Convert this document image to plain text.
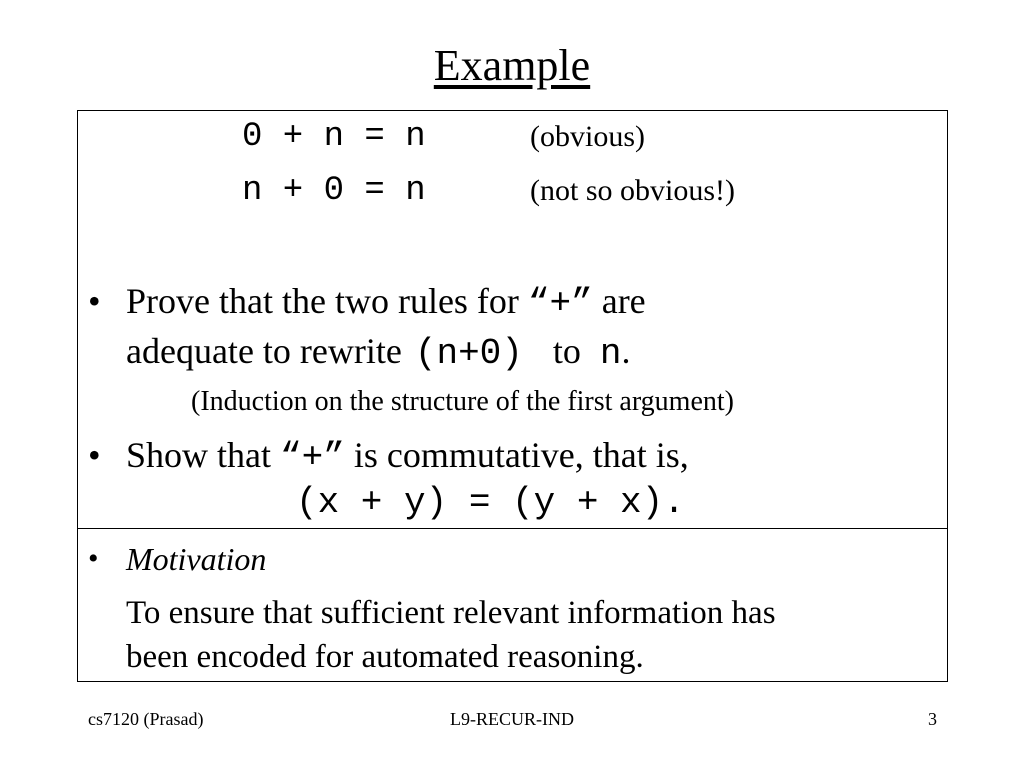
Example
0 + n = n	(obvious)
n + 0 = n	(not so obvious!)
• Prove that the two rules for “+” are
adequate to rewrite (n+0) to n.
(Induction on the structure of the first argument)
• Show that “+” is commutative, that is,
(x + y) = (y + x).
• Motivation
To ensure that sufficient relevant information has
been encoded for automated reasoning.
cs7120 (Prasad)	L9-RECUR-IND	3
